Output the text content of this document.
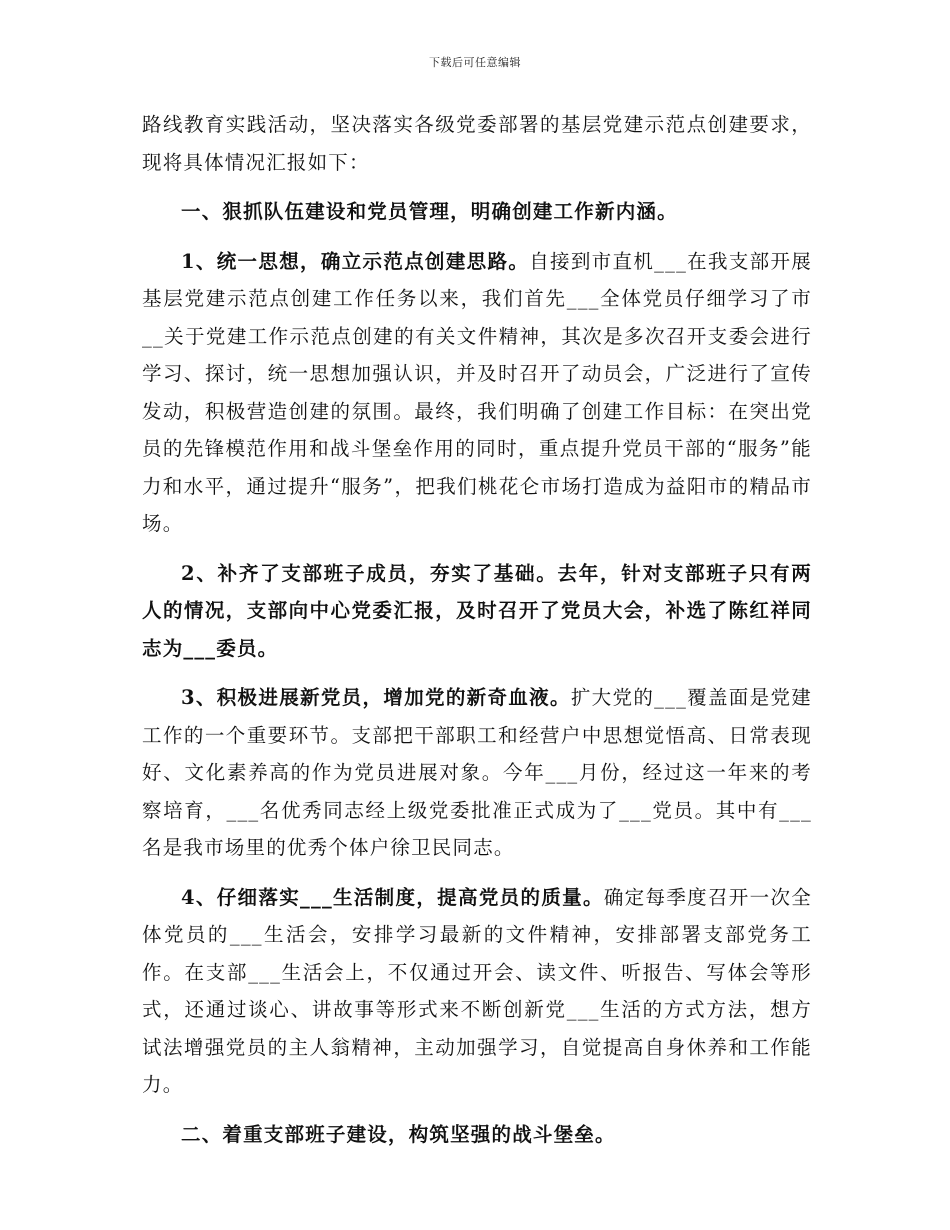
下载后可任意编辑

路线教育实践活动，坚决落实各级党委部署的基层党建示范点创建要求，现将具体情况汇报如下：

一、狠抓队伍建设和党员管理，明确创建工作新内涵。

1、统一思想，确立示范点创建思路。自接到市直机___在我支部开展基层党建示范点创建工作任务以来，我们首先___全体党员仔细学习了市__关于党建工作示范点创建的有关文件精神，其次是多次召开支委会进行学习、探讨，统一思想加强认识，并及时召开了动员会，广泛进行了宣传发动，积极营造创建的氛围。最终，我们明确了创建工作目标：在突出党员的先锋模范作用和战斗堡垒作用的同时，重点提升党员干部的“服务”能力和水平，通过提升“服务”，把我们桃花仑市场打造成为益阳市的精品市场。

2、补齐了支部班子成员，夯实了基础。去年，针对支部班子只有两人的情况，支部向中心党委汇报，及时召开了党员大会，补选了陈红祥同志为___委员。

3、积极进展新党员，增加党的新奇血液。扩大党的___覆盖面是党建工作的一个重要环节。支部把干部职工和经营户中思想觉悟高、日常表现好、文化素养高的作为党员进展对象。今年___月份，经过这一年来的考察培育，___名优秀同志经上级党委批准正式成为了___党员。其中有___名是我市场里的优秀个体户徐卫民同志。

4、仔细落实___生活制度，提高党员的质量。确定每季度召开一次全体党员的___生活会，安排学习最新的文件精神，安排部署支部党务工作。在支部___生活会上，不仅通过开会、读文件、听报告、写体会等形式，还通过谈心、讲故事等形式来不断创新党___生活的方式方法，想方试法增强党员的主人翁精神，主动加强学习，自觉提高自身休养和工作能力。

二、着重支部班子建设，构筑坚强的战斗堡垒。
